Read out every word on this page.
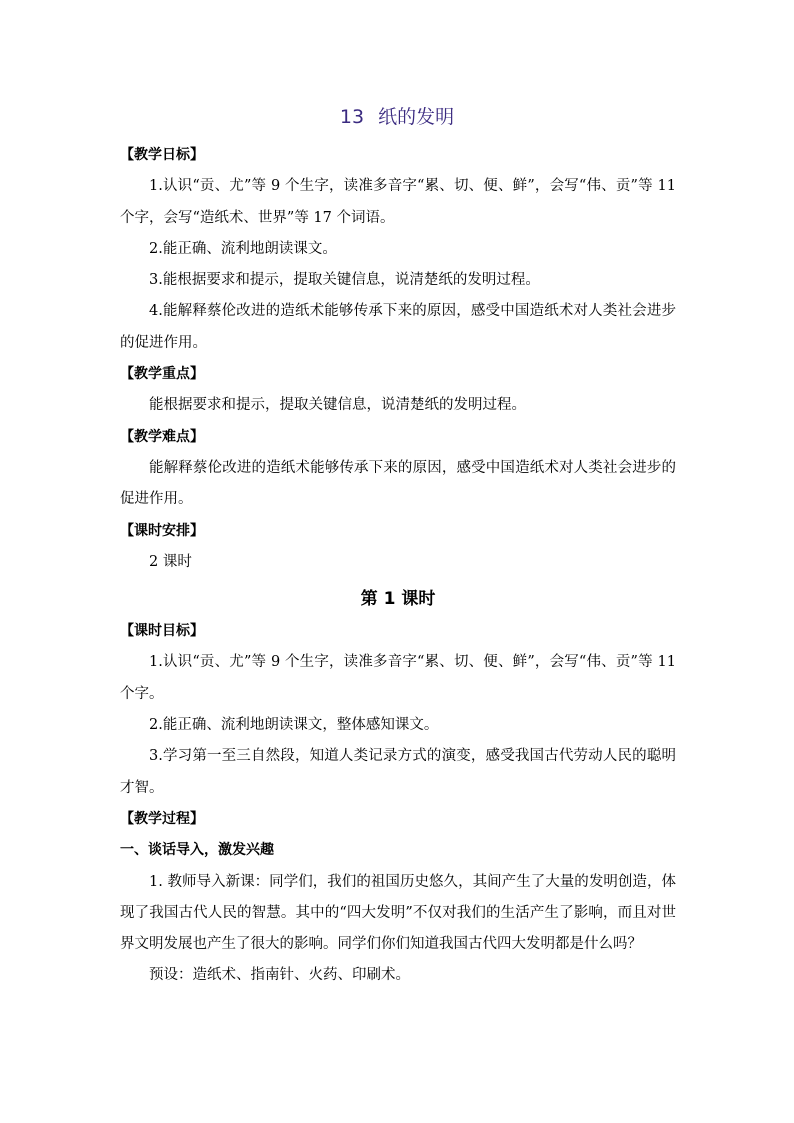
13 纸的发明

【教学日标】

1.认识“贡、尤”等 9 个生字，读准多音字“累、切、便、鲜”，会写“伟、贡”等 11 个字，会写“造纸术、世界”等 17 个词语。

2.能正确、流利地朗读课文。

3.能根据要求和提示，提取关键信息，说清楚纸的发明过程。

4.能解释蔡伦改进的造纸术能够传承下来的原因，感受中国造纸术对人类社会进步的促进作用。

【教学重点】

能根据要求和提示，提取关键信息，说清楚纸的发明过程。

【教学难点】

能解释蔡伦改进的造纸术能够传承下来的原因，感受中国造纸术对人类社会进步的促进作用。

【课时安排】

2 课时

第 1 课时

【课时目标】

1.认识“贡、尤”等 9 个生字，读准多音字“累、切、便、鲜”，会写“伟、贡”等 11 个字。

2.能正确、流利地朗读课文，整体感知课文。

3.学习第一至三自然段，知道人类记录方式的演变，感受我国古代劳动人民的聪明才智。

【教学过程】

一、谈话导入，激发兴趣

1. 教师导入新课：同学们，我们的祖国历史悠久，其间产生了大量的发明创造，体现了我国古代人民的智慧。其中的“四大发明”不仅对我们的生活产生了影响，而且对世界文明发展也产生了很大的影响。同学们你们知道我国古代四大发明都是什么吗？

预设：造纸术、指南针、火药、印刷术。
